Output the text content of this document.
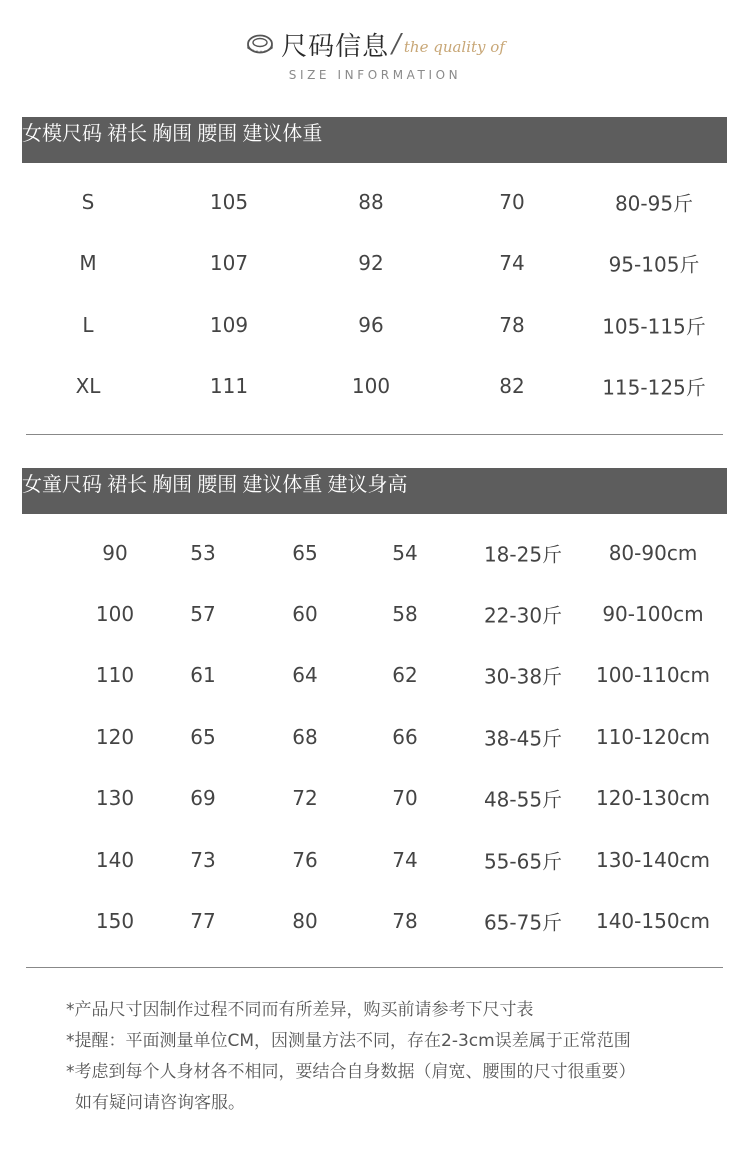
尺码信息 / the quality of
SIZE INFORMATION
女模尺码 裙长 胸围 腰围 建议体重
S	105	88	70	80-95斤
M	107	92	74	95-105斤
L	109	96	78	105-115斤
XL	111	100	82	115-125斤
女童尺码 裙长 胸围 腰围 建议体重 建议身高
90	53	65	54	18-25斤 80-90cm
100	57	60	58	22-30斤 90-100cm
110	61	64	62	30-38斤 100-110cm
120	65	68	66	38-45斤 110-120cm
130	69	72	70	48-55斤 120-130cm
140	73	76	74	55-65斤 130-140cm
150	77	80	78	65-75斤 140-150cm
*产品尺寸因制作过程不同而有所差异，购买前请参考下尺寸表
*提醒：平面测量单位CM，因测量方法不同，存在2-3cm误差属于正常范围
*考虑到每个人身材各不相同，要结合自身数据（肩宽、腰围的尺寸很重要）
如有疑问请咨询客服。
